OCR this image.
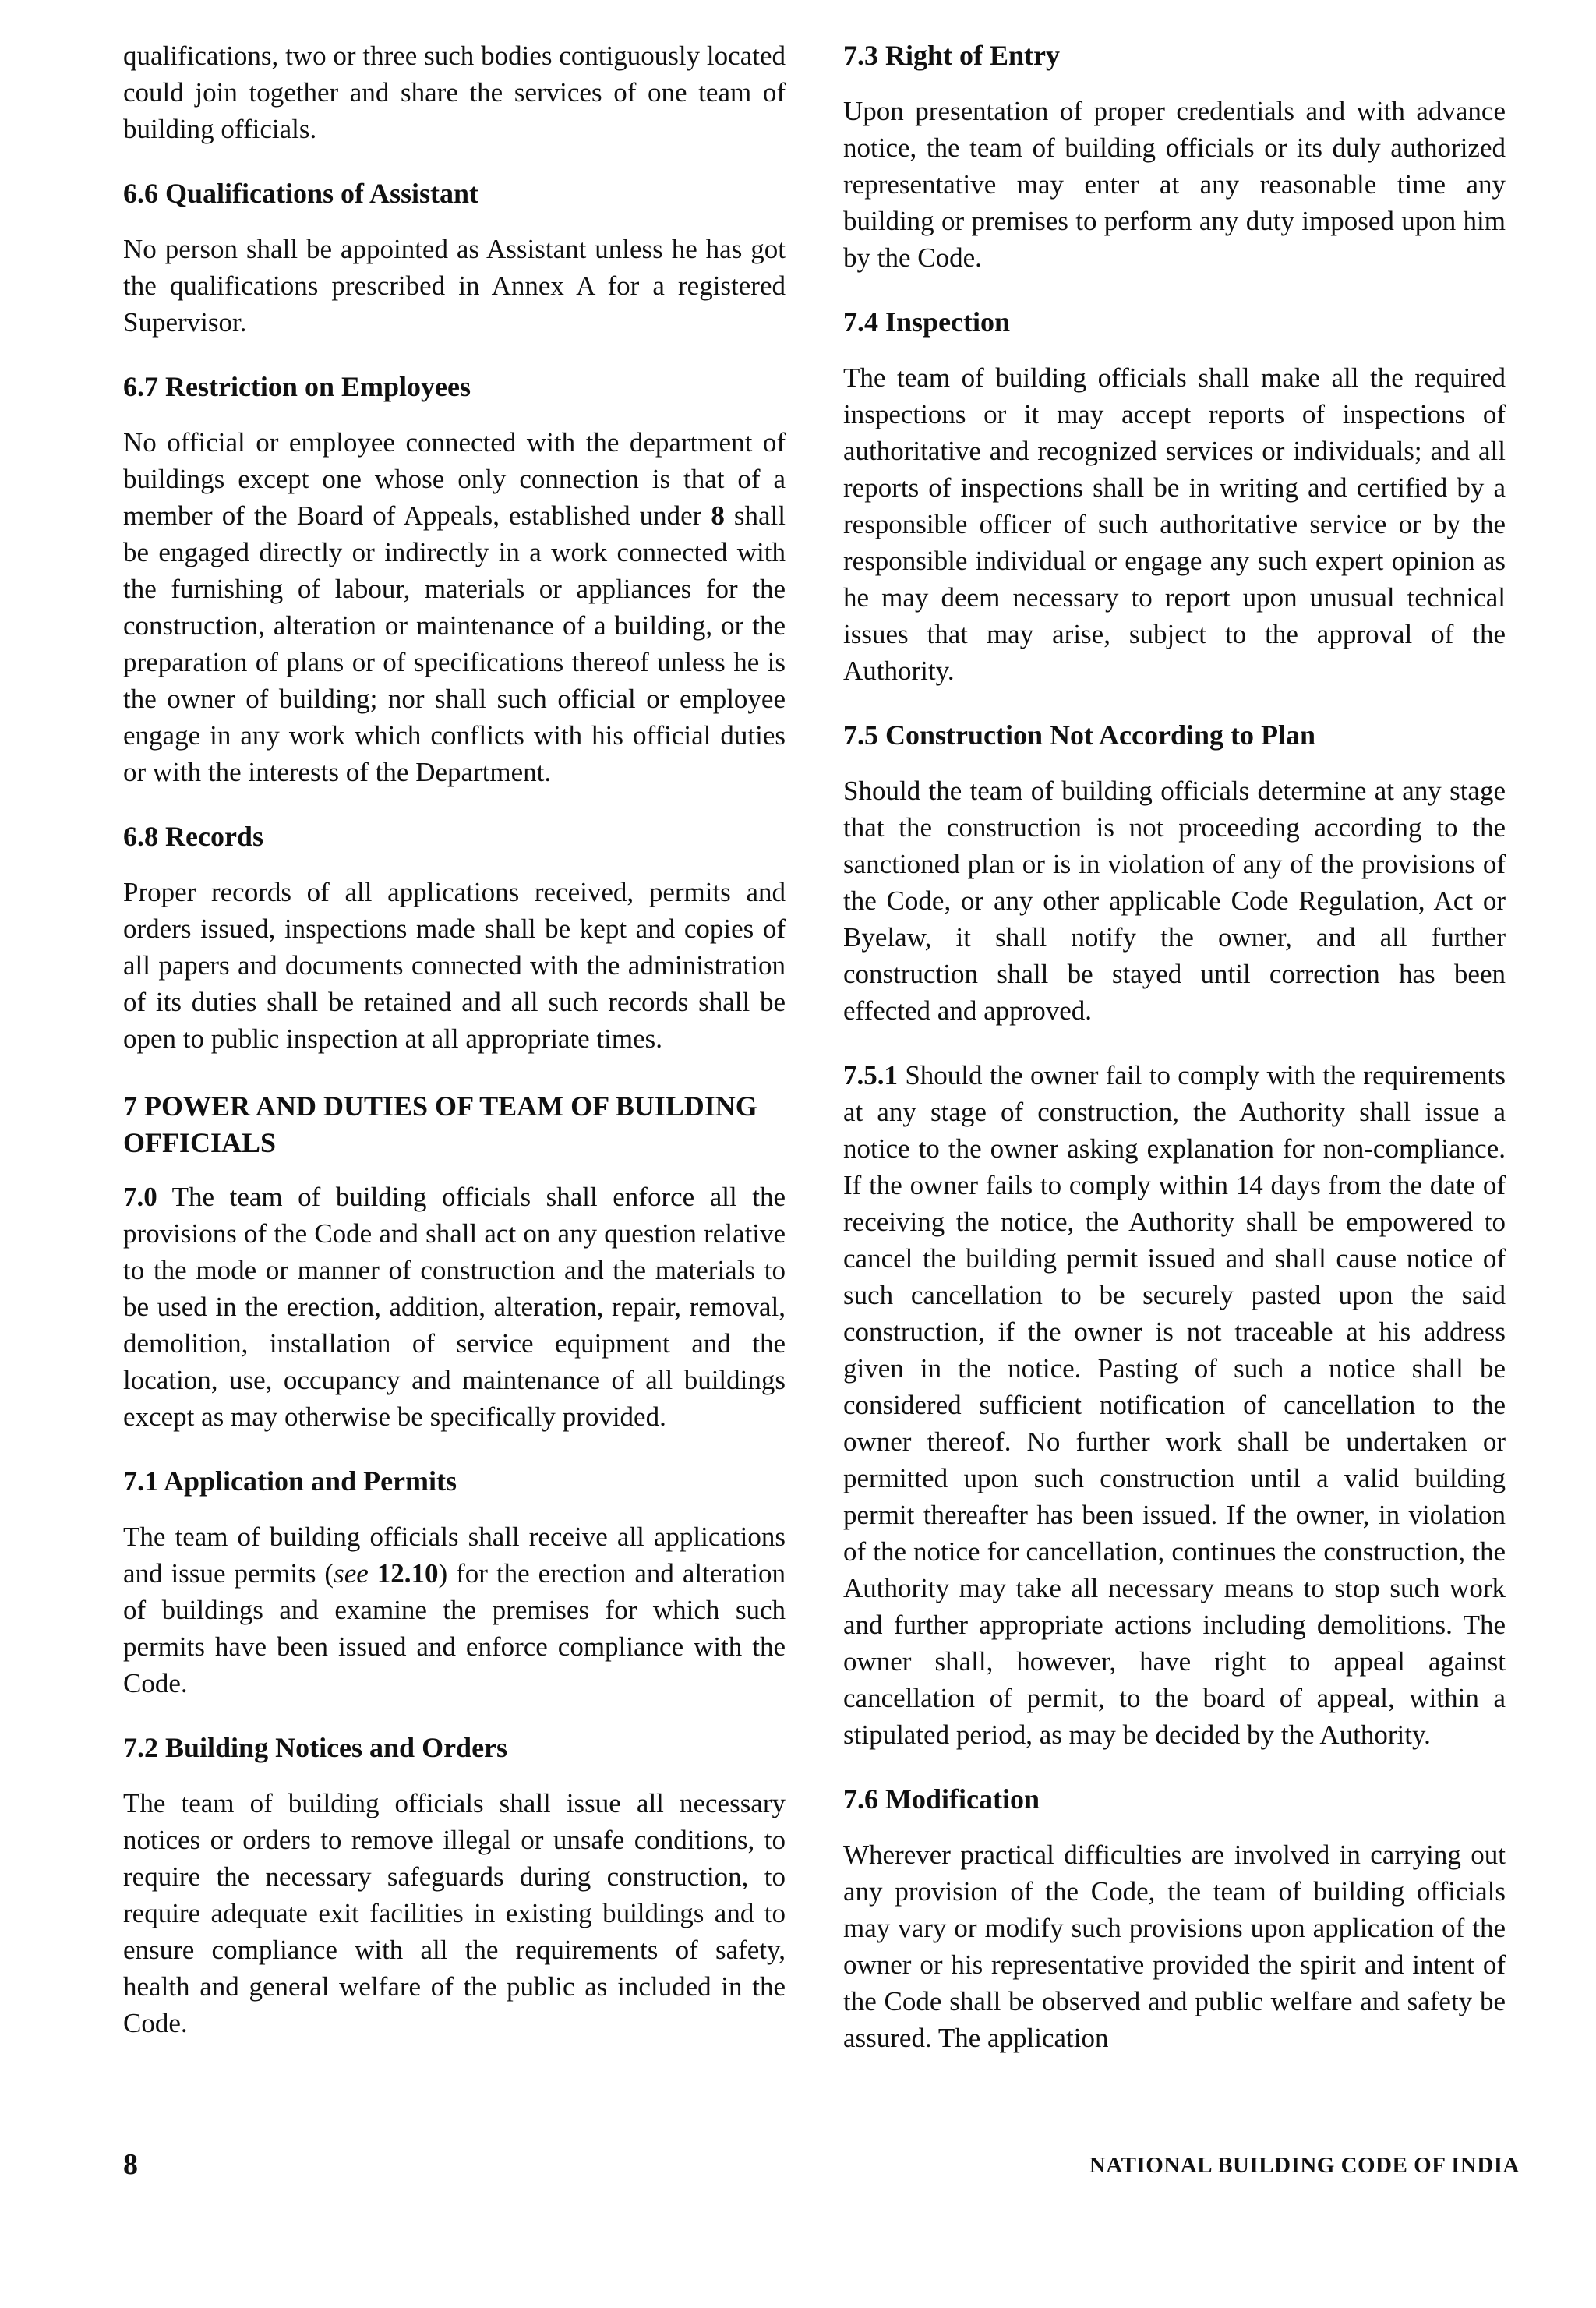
qualifications, two or three such bodies contiguously located could join together and share the services of one team of building officials.

6.6 Qualifications of Assistant

No person shall be appointed as Assistant unless he has got the qualifications prescribed in Annex A for a registered Supervisor.

6.7 Restriction on Employees

No official or employee connected with the department of buildings except one whose only connection is that of a member of the Board of Appeals, established under 8 shall be engaged directly or indirectly in a work connected with the furnishing of labour, materials or appliances for the construction, alteration or maintenance of a building, or the preparation of plans or of specifications thereof unless he is the owner of building; nor shall such official or employee engage in any work which conflicts with his official duties or with the interests of the Department.

6.8 Records

Proper records of all applications received, permits and orders issued, inspections made shall be kept and copies of all papers and documents connected with the administration of its duties shall be retained and all such records shall be open to public inspection at all appropriate times.

7 POWER AND DUTIES OF TEAM OF BUILDING OFFICIALS

7.0 The team of building officials shall enforce all the provisions of the Code and shall act on any question relative to the mode or manner of construction and the materials to be used in the erection, addition, alteration, repair, removal, demolition, installation of service equipment and the location, use, occupancy and maintenance of all buildings except as may otherwise be specifically provided.

7.1 Application and Permits

The team of building officials shall receive all applications and issue permits (see 12.10) for the erection and alteration of buildings and examine the premises for which such permits have been issued and enforce compliance with the Code.

7.2 Building Notices and Orders

The team of building officials shall issue all necessary notices or orders to remove illegal or unsafe conditions, to require the necessary safeguards during construction, to require adequate exit facilities in existing buildings and to ensure compliance with all the requirements of safety, health and general welfare of the public as included in the Code.

7.3 Right of Entry

Upon presentation of proper credentials and with advance notice, the team of building officials or its duly authorized representative may enter at any reasonable time any building or premises to perform any duty imposed upon him by the Code.

7.4 Inspection

The team of building officials shall make all the required inspections or it may accept reports of inspections of authoritative and recognized services or individuals; and all reports of inspections shall be in writing and certified by a responsible officer of such authoritative service or by the responsible individual or engage any such expert opinion as he may deem necessary to report upon unusual technical issues that may arise, subject to the approval of the Authority.

7.5 Construction Not According to Plan

Should the team of building officials determine at any stage that the construction is not proceeding according to the sanctioned plan or is in violation of any of the provisions of the Code, or any other applicable Code Regulation, Act or Byelaw, it shall notify the owner, and all further construction shall be stayed until correction has been effected and approved.

7.5.1 Should the owner fail to comply with the requirements at any stage of construction, the Authority shall issue a notice to the owner asking explanation for non-compliance. If the owner fails to comply within 14 days from the date of receiving the notice, the Authority shall be empowered to cancel the building permit issued and shall cause notice of such cancellation to be securely pasted upon the said construction, if the owner is not traceable at his address given in the notice. Pasting of such a notice shall be considered sufficient notification of cancellation to the owner thereof. No further work shall be undertaken or permitted upon such construction until a valid building permit thereafter has been issued. If the owner, in violation of the notice for cancellation, continues the construction, the Authority may take all necessary means to stop such work and further appropriate actions including demolitions. The owner shall, however, have right to appeal against cancellation of permit, to the board of appeal, within a stipulated period, as may be decided by the Authority.

7.6 Modification

Wherever practical difficulties are involved in carrying out any provision of the Code, the team of building officials may vary or modify such provisions upon application of the owner or his representative provided the spirit and intent of the Code shall be observed and public welfare and safety be assured. The application

8	NATIONAL BUILDING CODE OF INDIA
